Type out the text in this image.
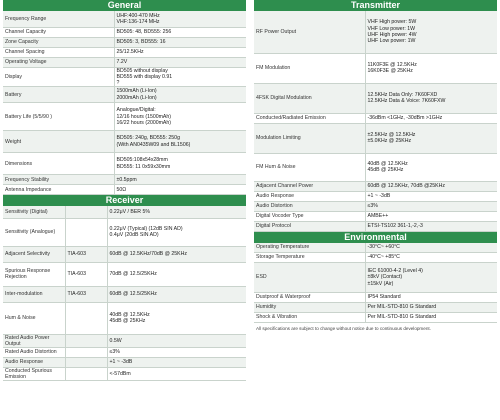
General
Frequency Range	UHF:400-470 MHz
VHF:136-174 MHz

Channel Capacity	BD505: 48, BD555: 256

Zone Capacity	BD505: 3, BD555: 16

Channel Spacing	25/12.5KHz

Operating Voltage	7.2V

Display	BD505 without display
BD555 with display 0.91
?

Battery	1500mAh (Li-Ion)
2000mAh (Li-Ion)

Battery Life (5/5/90 )	Analogue/Digital:
12/16 hours (1500mAh)
16/22 hours (2000mAh)

Weight	BD505: 240g, BD555: 250g
(With AN0435W09 and BL1506)

Dimensions	BD505:108x54x28mm
BD555: 11 0x59x30mm

Frequency Stability	±0.5ppm

Antenna Impedance	50Ω
Receiver
Sensitivity (Digital)		0.22μV / BER 5%

Sensitivity (Analogue)		0.22μV (Typical) (12dB SIN AD)
0.4μV (20dB SIN AD)

Adjacent Selectivity	TIA-603	60dB @ 12.5KHz/70dB @ 25KHz

Spurious Response Rejection	TIA-603	70dB @ 12.5/25KHz

Inter-modulation	TIA-603	60dB @ 12.5/25KHz

Hum & Noise		40dB @ 12.5KHz
45dB @ 25KHz

Rated Audio Power Output		0.5W

Rated Audio Distortion		≤3%

Audio Response		+1 ~ -3dB

Conducted Spurious Emission		<-57dBm
Transmitter
RF Power Output	VHF High power: 5W
VHF Low power: 1W
UHF High power: 4W
UHF Low power: 1W

FM Modulation	11K0F3E @ 12.5KHz
16K0F3E @ 25KHz

4FSK Digital Modulation	12.5KHz Data Only: 7K60FXD
12.5KHz Data & Voice: 7K60FXW

Conducted/Radiated Emission	-36dBm <1GHz, -30dBm >1GHz

Modulation Limiting	±2.5KHz @ 12.5KHz
±5.0KHz @ 25KHz

FM Hum & Noise	40dB @ 12.5KHz
45dB @ 25KHz

Adjacent Channel Power	60dB @ 12.5KHz, 70dB @25KHz

Audio Response	+1 ~ -3dB

Audio Distortion	≤3%

Digital Vocoder Type	AMBE++

Digital Protocol	ETSI-TS102 361-1,-2,-3
Environmental
Operating Temperature	-30°C~ +60°C

Storage Temperature	-40°C~ +85°C

ESD	IEC 61000-4-2 (Level 4)
±8kV (Contact)
±15kV (Air)

Dustproof & Waterproof	IP54 Standard

Humidity	Per MIL-STD-810 G Standard

Shock & Vibration	Per MIL-STD-810 G Standard
All specifications are subject to change without notice due to continuous development.
